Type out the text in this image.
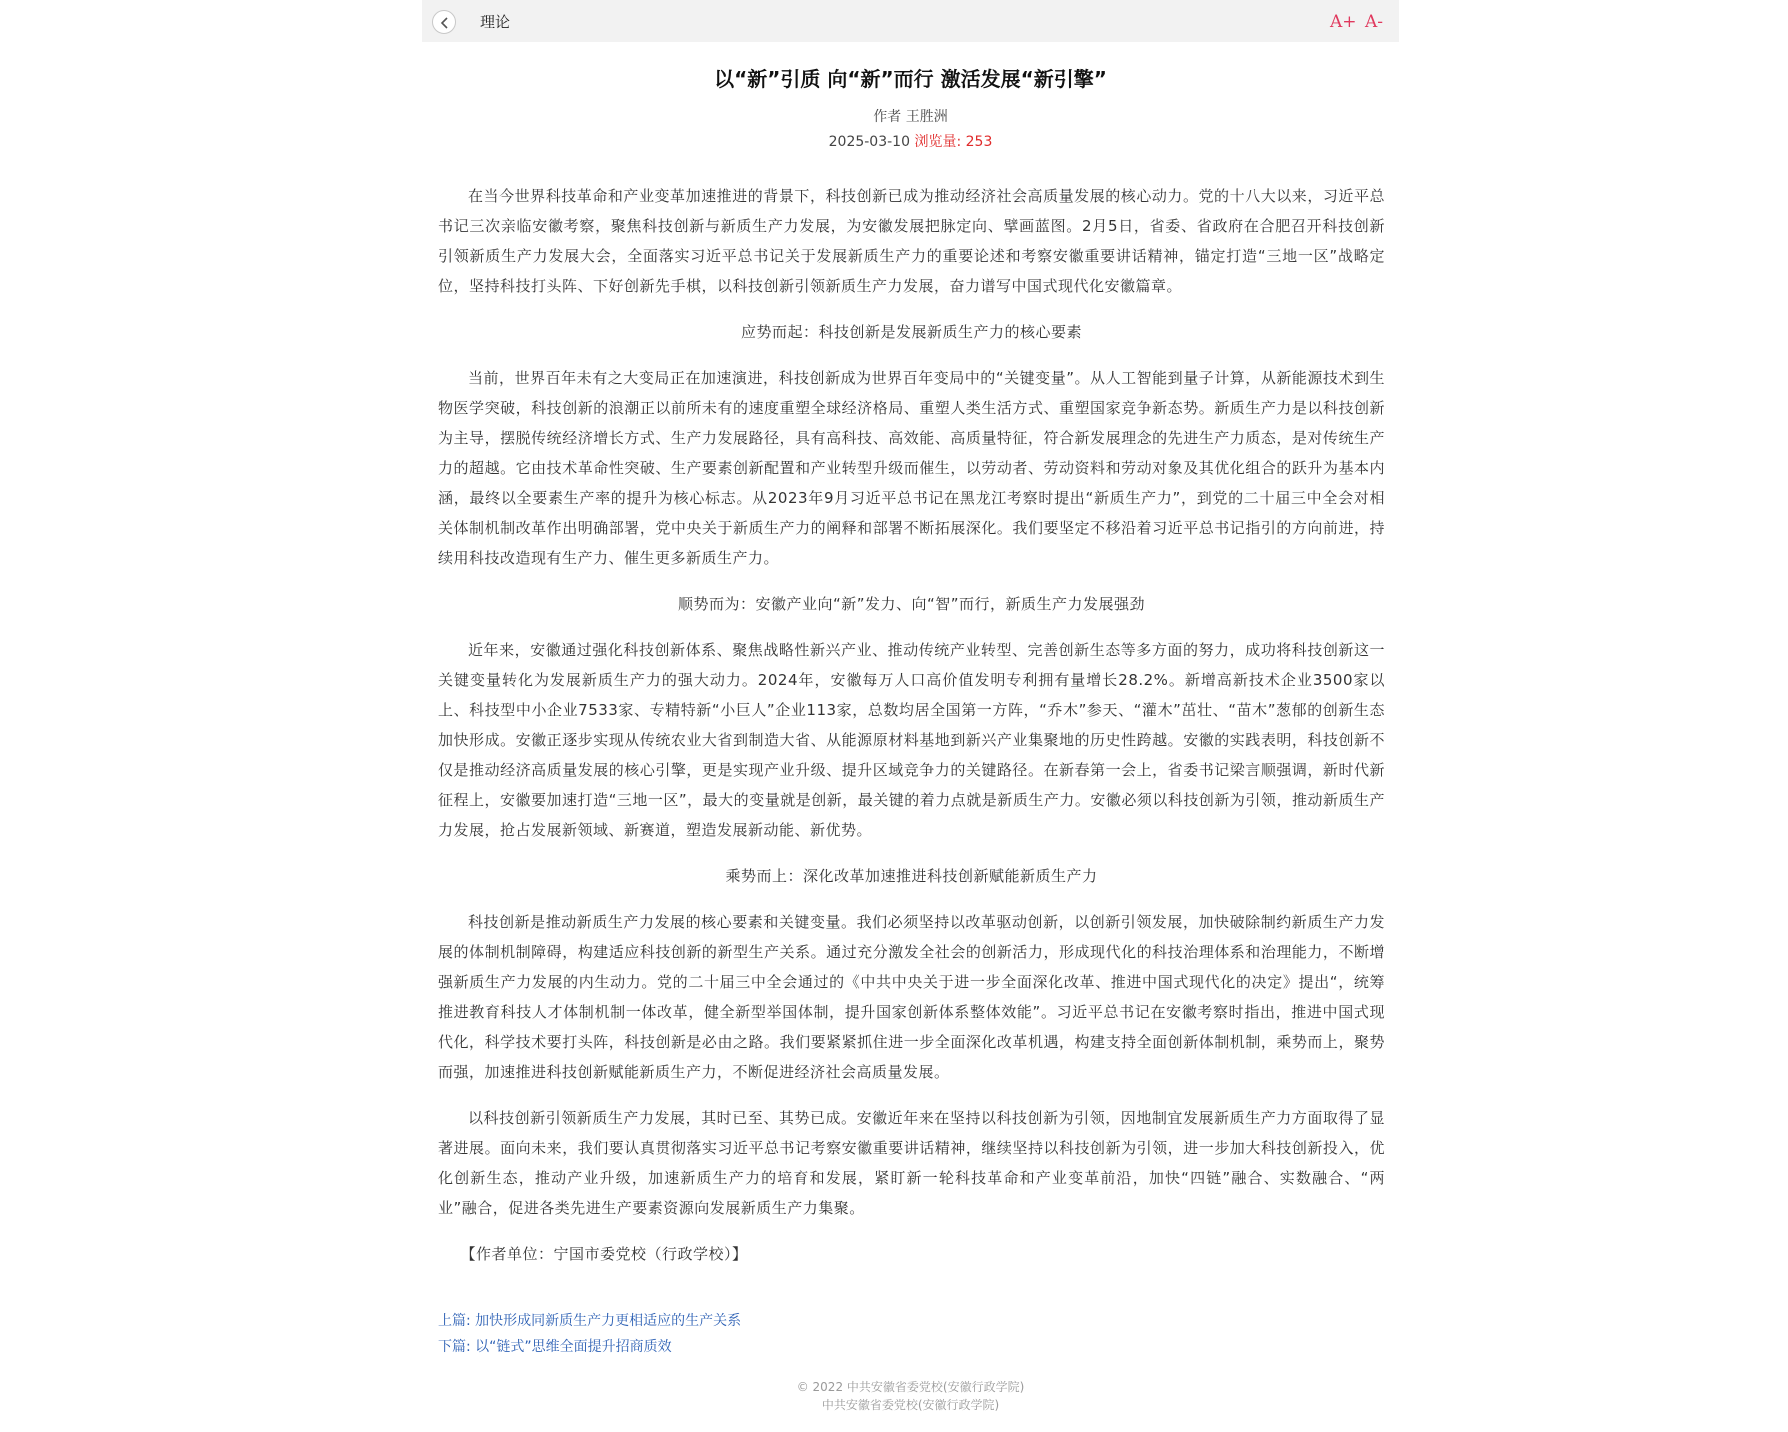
理论	A+ A-
以“新”引质 向“新”而行 激活发展“新引擎”
作者 王胜洲
2025-03-10 浏览量: 253

在当今世界科技革命和产业变革加速推进的背景下，科技创新已成为推动经济社会高质量发展的核心动力。党的十八大以来，习近平总书记三次亲临安徽考察，聚焦科技创新与新质生产力发展，为安徽发展把脉定向、擘画蓝图。2月5日，省委、省政府在合肥召开科技创新引领新质生产力发展大会，全面落实习近平总书记关于发展新质生产力的重要论述和考察安徽重要讲话精神，锚定打造“三地一区”战略定位，坚持科技打头阵、下好创新先手棋，以科技创新引领新质生产力发展，奋力谱写中国式现代化安徽篇章。

应势而起：科技创新是发展新质生产力的核心要素

当前，世界百年未有之大变局正在加速演进，科技创新成为世界百年变局中的“关键变量”。从人工智能到量子计算，从新能源技术到生物医学突破，科技创新的浪潮正以前所未有的速度重塑全球经济格局、重塑人类生活方式、重塑国家竞争新态势。新质生产力是以科技创新为主导，摆脱传统经济增长方式、生产力发展路径，具有高科技、高效能、高质量特征，符合新发展理念的先进生产力质态，是对传统生产力的超越。它由技术革命性突破、生产要素创新配置和产业转型升级而催生，以劳动者、劳动资料和劳动对象及其优化组合的跃升为基本内涵，最终以全要素生产率的提升为核心标志。从2023年9月习近平总书记在黑龙江考察时提出“新质生产力”，到党的二十届三中全会对相关体制机制改革作出明确部署，党中央关于新质生产力的阐释和部署不断拓展深化。我们要坚定不移沿着习近平总书记指引的方向前进，持续用科技改造现有生产力、催生更多新质生产力。

顺势而为：安徽产业向“新”发力、向“智”而行，新质生产力发展强劲

近年来，安徽通过强化科技创新体系、聚焦战略性新兴产业、推动传统产业转型、完善创新生态等多方面的努力，成功将科技创新这一关键变量转化为发展新质生产力的强大动力。2024年，安徽每万人口高价值发明专利拥有量增长28.2%。新增高新技术企业3500家以上、科技型中小企业7533家、专精特新“小巨人”企业113家，总数均居全国第一方阵，“乔木”参天、“灌木”茁壮、“苗木”葱郁的创新生态加快形成。安徽正逐步实现从传统农业大省到制造大省、从能源原材料基地到新兴产业集聚地的历史性跨越。安徽的实践表明，科技创新不仅是推动经济高质量发展的核心引擎，更是实现产业升级、提升区域竞争力的关键路径。在新春第一会上，省委书记梁言顺强调，新时代新征程上，安徽要加速打造“三地一区”，最大的变量就是创新，最关键的着力点就是新质生产力。安徽必须以科技创新为引领，推动新质生产力发展，抢占发展新领域、新赛道，塑造发展新动能、新优势。

乘势而上：深化改革加速推进科技创新赋能新质生产力

科技创新是推动新质生产力发展的核心要素和关键变量。我们必须坚持以改革驱动创新，以创新引领发展，加快破除制约新质生产力发展的体制机制障碍，构建适应科技创新的新型生产关系。通过充分激发全社会的创新活力，形成现代化的科技治理体系和治理能力，不断增强新质生产力发展的内生动力。党的二十届三中全会通过的《中共中央关于进一步全面深化改革、推进中国式现代化的决定》提出“，统筹推进教育科技人才体制机制一体改革，健全新型举国体制，提升国家创新体系整体效能”。习近平总书记在安徽考察时指出，推进中国式现代化，科学技术要打头阵，科技创新是必由之路。我们要紧紧抓住进一步全面深化改革机遇，构建支持全面创新体制机制，乘势而上，聚势而强，加速推进科技创新赋能新质生产力，不断促进经济社会高质量发展。

以科技创新引领新质生产力发展，其时已至、其势已成。安徽近年来在坚持以科技创新为引领，因地制宜发展新质生产力方面取得了显著进展。面向未来，我们要认真贯彻落实习近平总书记考察安徽重要讲话精神，继续坚持以科技创新为引领，进一步加大科技创新投入，优化创新生态，推动产业升级，加速新质生产力的培育和发展，紧盯新一轮科技革命和产业变革前沿，加快“四链”融合、实数融合、“两业”融合，促进各类先进生产要素资源向发展新质生产力集聚。

【作者单位：宁国市委党校（行政学校）】

上篇: 加快形成同新质生产力更相适应的生产关系
下篇: 以“链式”思维全面提升招商质效
© 2022 中共安徽省委党校(安徽行政学院)
中共安徽省委党校(安徽行政学院)
